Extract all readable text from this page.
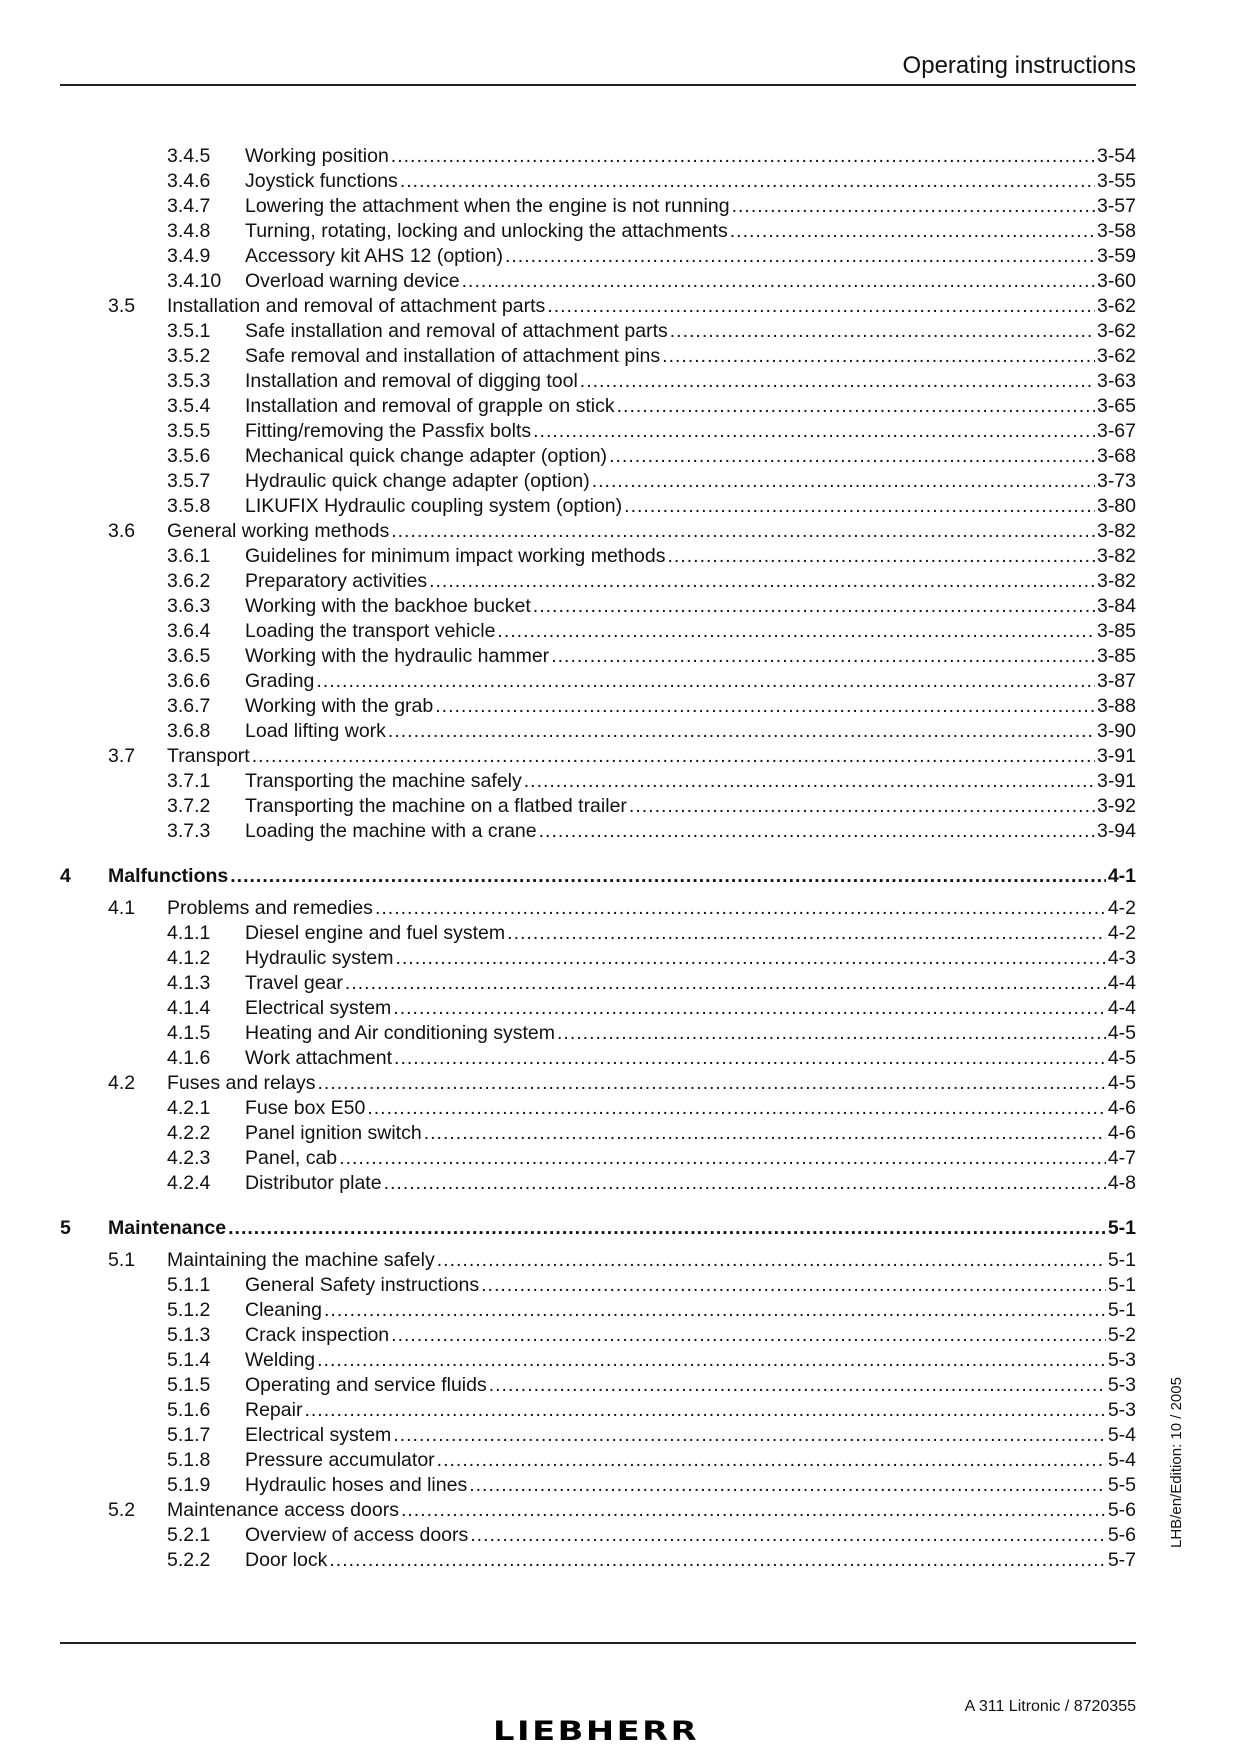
Operating instructions
3.4.5 Working position .....	3-54
3.4.6 Joystick functions .....	3-55
3.4.7 Lowering the attachment when the engine is not running .....	3-57
3.4.8 Turning, rotating, locking and unlocking the attachments .....	3-58
3.4.9 Accessory kit AHS 12 (option) .....	3-59
3.4.10 Overload warning device .....	3-60
3.5 Installation and removal of attachment parts .....	3-62
3.5.1 Safe installation and removal of attachment parts .....	3-62
3.5.2 Safe removal and installation of attachment pins .....	3-62
3.5.3 Installation and removal of digging tool .....	3-63
3.5.4 Installation and removal of grapple on stick .....	3-65
3.5.5 Fitting/removing the Passfix bolts .....	3-67
3.5.6 Mechanical quick change adapter (option) .....	3-68
3.5.7 Hydraulic quick change adapter (option) .....	3-73
3.5.8 LIKUFIX Hydraulic coupling system (option) .....	3-80
3.6 General working methods .....	3-82
3.6.1 Guidelines for minimum impact working methods .....	3-82
3.6.2 Preparatory activities .....	3-82
3.6.3 Working with the backhoe bucket .....	3-84
3.6.4 Loading the transport vehicle .....	3-85
3.6.5 Working with the hydraulic hammer .....	3-85
3.6.6 Grading .....	3-87
3.6.7 Working with the grab .....	3-88
3.6.8 Load lifting work .....	3-90
3.7 Transport .....	3-91
3.7.1 Transporting the machine safely .....	3-91
3.7.2 Transporting the machine on a flatbed trailer .....	3-92
3.7.3 Loading the machine with a crane .....	3-94
4 Malfunctions .....	4-1
4.1 Problems and remedies .....	4-2
4.1.1 Diesel engine and fuel system .....	4-2
4.1.2 Hydraulic system .....	4-3
4.1.3 Travel gear .....	4-4
4.1.4 Electrical system .....	4-4
4.1.5 Heating and Air conditioning system .....	4-5
4.1.6 Work attachment .....	4-5
4.2 Fuses and relays .....	4-5
4.2.1 Fuse box E50 .....	4-6
4.2.2 Panel ignition switch .....	4-6
4.2.3 Panel, cab .....	4-7
4.2.4 Distributor plate .....	4-8
5 Maintenance .....	5-1
5.1 Maintaining the machine safely .....	5-1
5.1.1 General Safety instructions .....	5-1
5.1.2 Cleaning .....	5-1
5.1.3 Crack inspection .....	5-2
5.1.4 Welding .....	5-3
5.1.5 Operating and service fluids .....	5-3
5.1.6 Repair .....	5-3
5.1.7 Electrical system .....	5-4
5.1.8 Pressure accumulator .....	5-4
5.1.9 Hydraulic hoses and lines .....	5-5
5.2 Maintenance access doors .....	5-6
5.2.1 Overview of access doors .....	5-6
5.2.2 Door lock .....	5-7
LHB/en/Edition: 10 / 2005
A 311 Litronic / 8720355
LIEBHERR
